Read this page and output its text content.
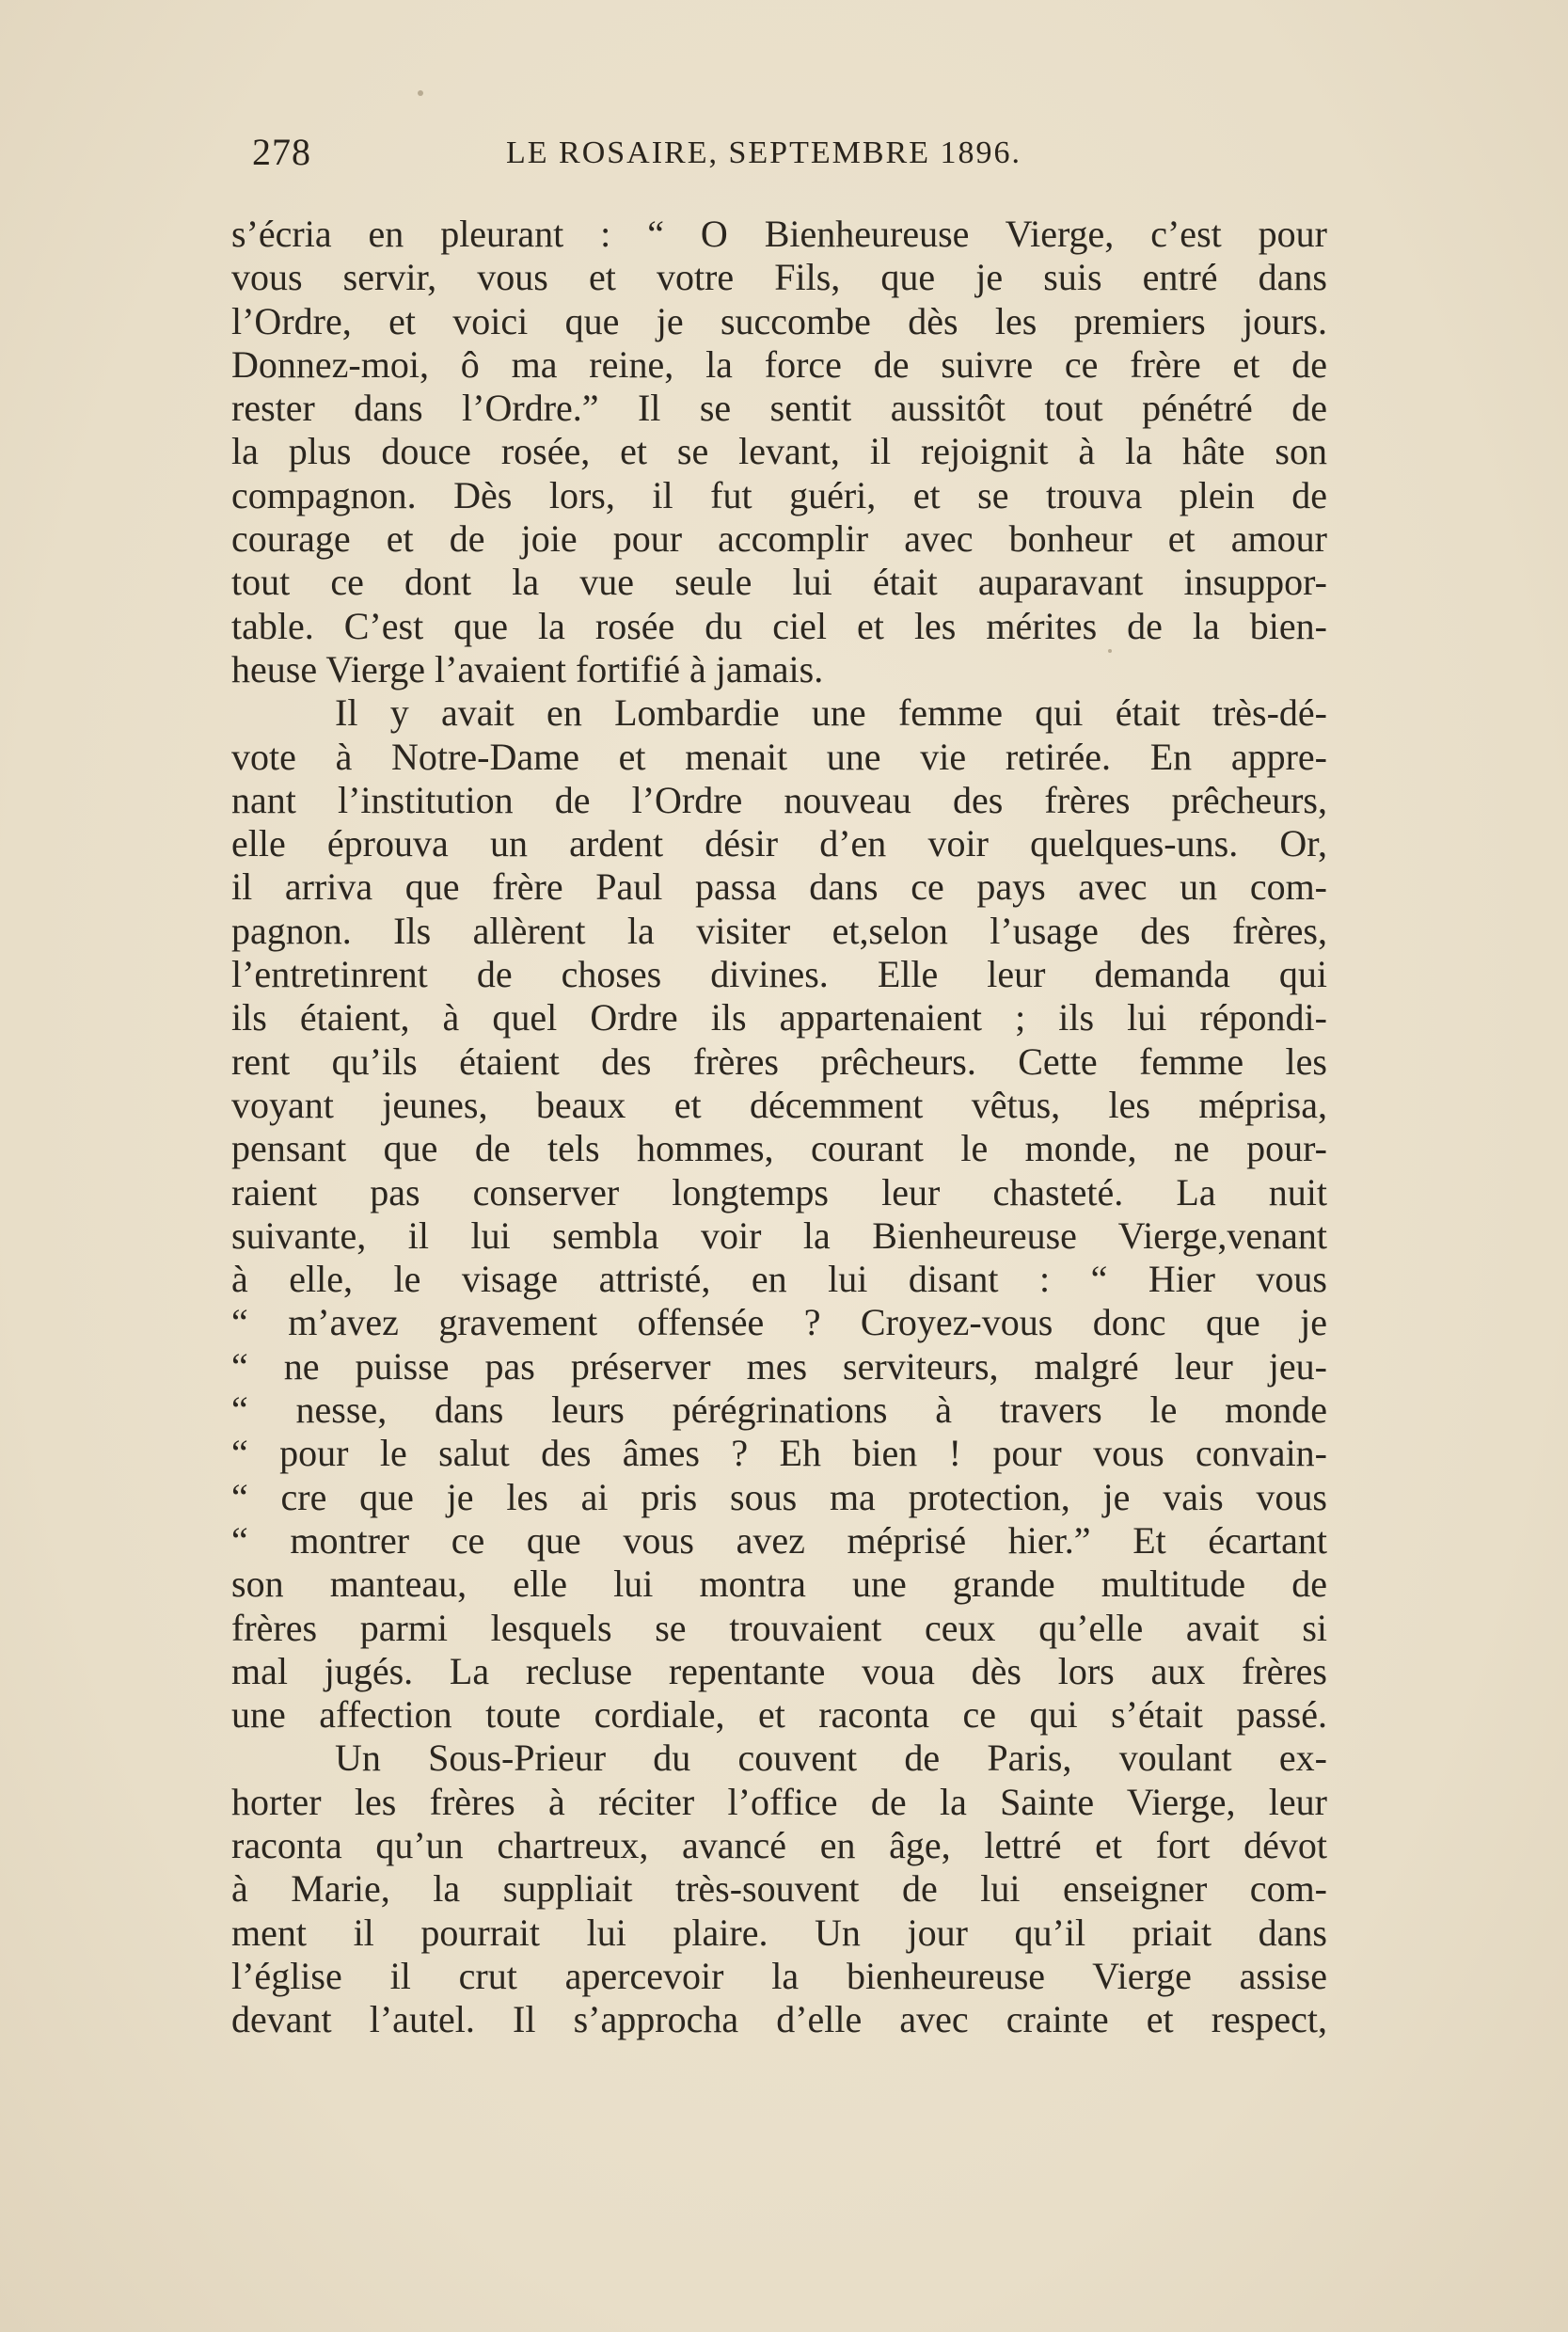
278	LE ROSAIRE, SEPTEMBRE 1896.
s’écria en pleurant : “ O Bienheureuse Vierge, c’est pour
vous servir, vous et votre Fils, que je suis entré dans
l’Ordre, et voici que je succombe dès les premiers jours.
Donnez-moi, ô ma reine, la force de suivre ce frère et de
rester dans l’Ordre.” Il se sentit aussitôt tout pénétré de
la plus douce rosée, et se levant, il rejoignit à la hâte son
compagnon. Dès lors, il fut guéri, et se trouva plein de
courage et de joie pour accomplir avec bonheur et amour
tout ce dont la vue seule lui était auparavant insuppor-
table. C’est que la rosée du ciel et les mérites de la bien-
heuse Vierge l’avaient fortifié à jamais.
Il y avait en Lombardie une femme qui était très-dé-
vote à Notre-Dame et menait une vie retirée. En appre-
nant l’institution de l’Ordre nouveau des frères prêcheurs,
elle éprouva un ardent désir d’en voir quelques-uns. Or,
il arriva que frère Paul passa dans ce pays avec un com-
pagnon. Ils allèrent la visiter et,selon l’usage des frères,
l’entretinrent de choses divines. Elle leur demanda qui
ils étaient, à quel Ordre ils appartenaient ; ils lui répondi-
rent qu’ils étaient des frères prêcheurs. Cette femme les
voyant jeunes, beaux et décemment vêtus, les méprisa,
pensant que de tels hommes, courant le monde, ne pour-
raient pas conserver longtemps leur chasteté. La nuit
suivante, il lui sembla voir la Bienheureuse Vierge,venant
à elle, le visage attristé, en lui disant : “ Hier vous
“ m’avez gravement offensée ? Croyez-vous donc que je
“ ne puisse pas préserver mes serviteurs, malgré leur jeu-
“ nesse, dans leurs pérégrinations à travers le monde
“ pour le salut des âmes ? Eh bien ! pour vous convain-
“ cre que je les ai pris sous ma protection, je vais vous
“ montrer ce que vous avez méprisé hier.” Et écartant
son manteau, elle lui montra une grande multitude de
frères parmi lesquels se trouvaient ceux qu’elle avait si
mal jugés. La recluse repentante voua dès lors aux frères
une affection toute cordiale, et raconta ce qui s’était passé.
Un Sous-Prieur du couvent de Paris, voulant ex-
horter les frères à réciter l’office de la Sainte Vierge, leur
raconta qu’un chartreux, avancé en âge, lettré et fort dévot
à Marie, la suppliait très-souvent de lui enseigner com-
ment il pourrait lui plaire. Un jour qu’il priait dans
l’église il crut apercevoir la bienheureuse Vierge assise
devant l’autel. Il s’approcha d’elle avec crainte et respect,
